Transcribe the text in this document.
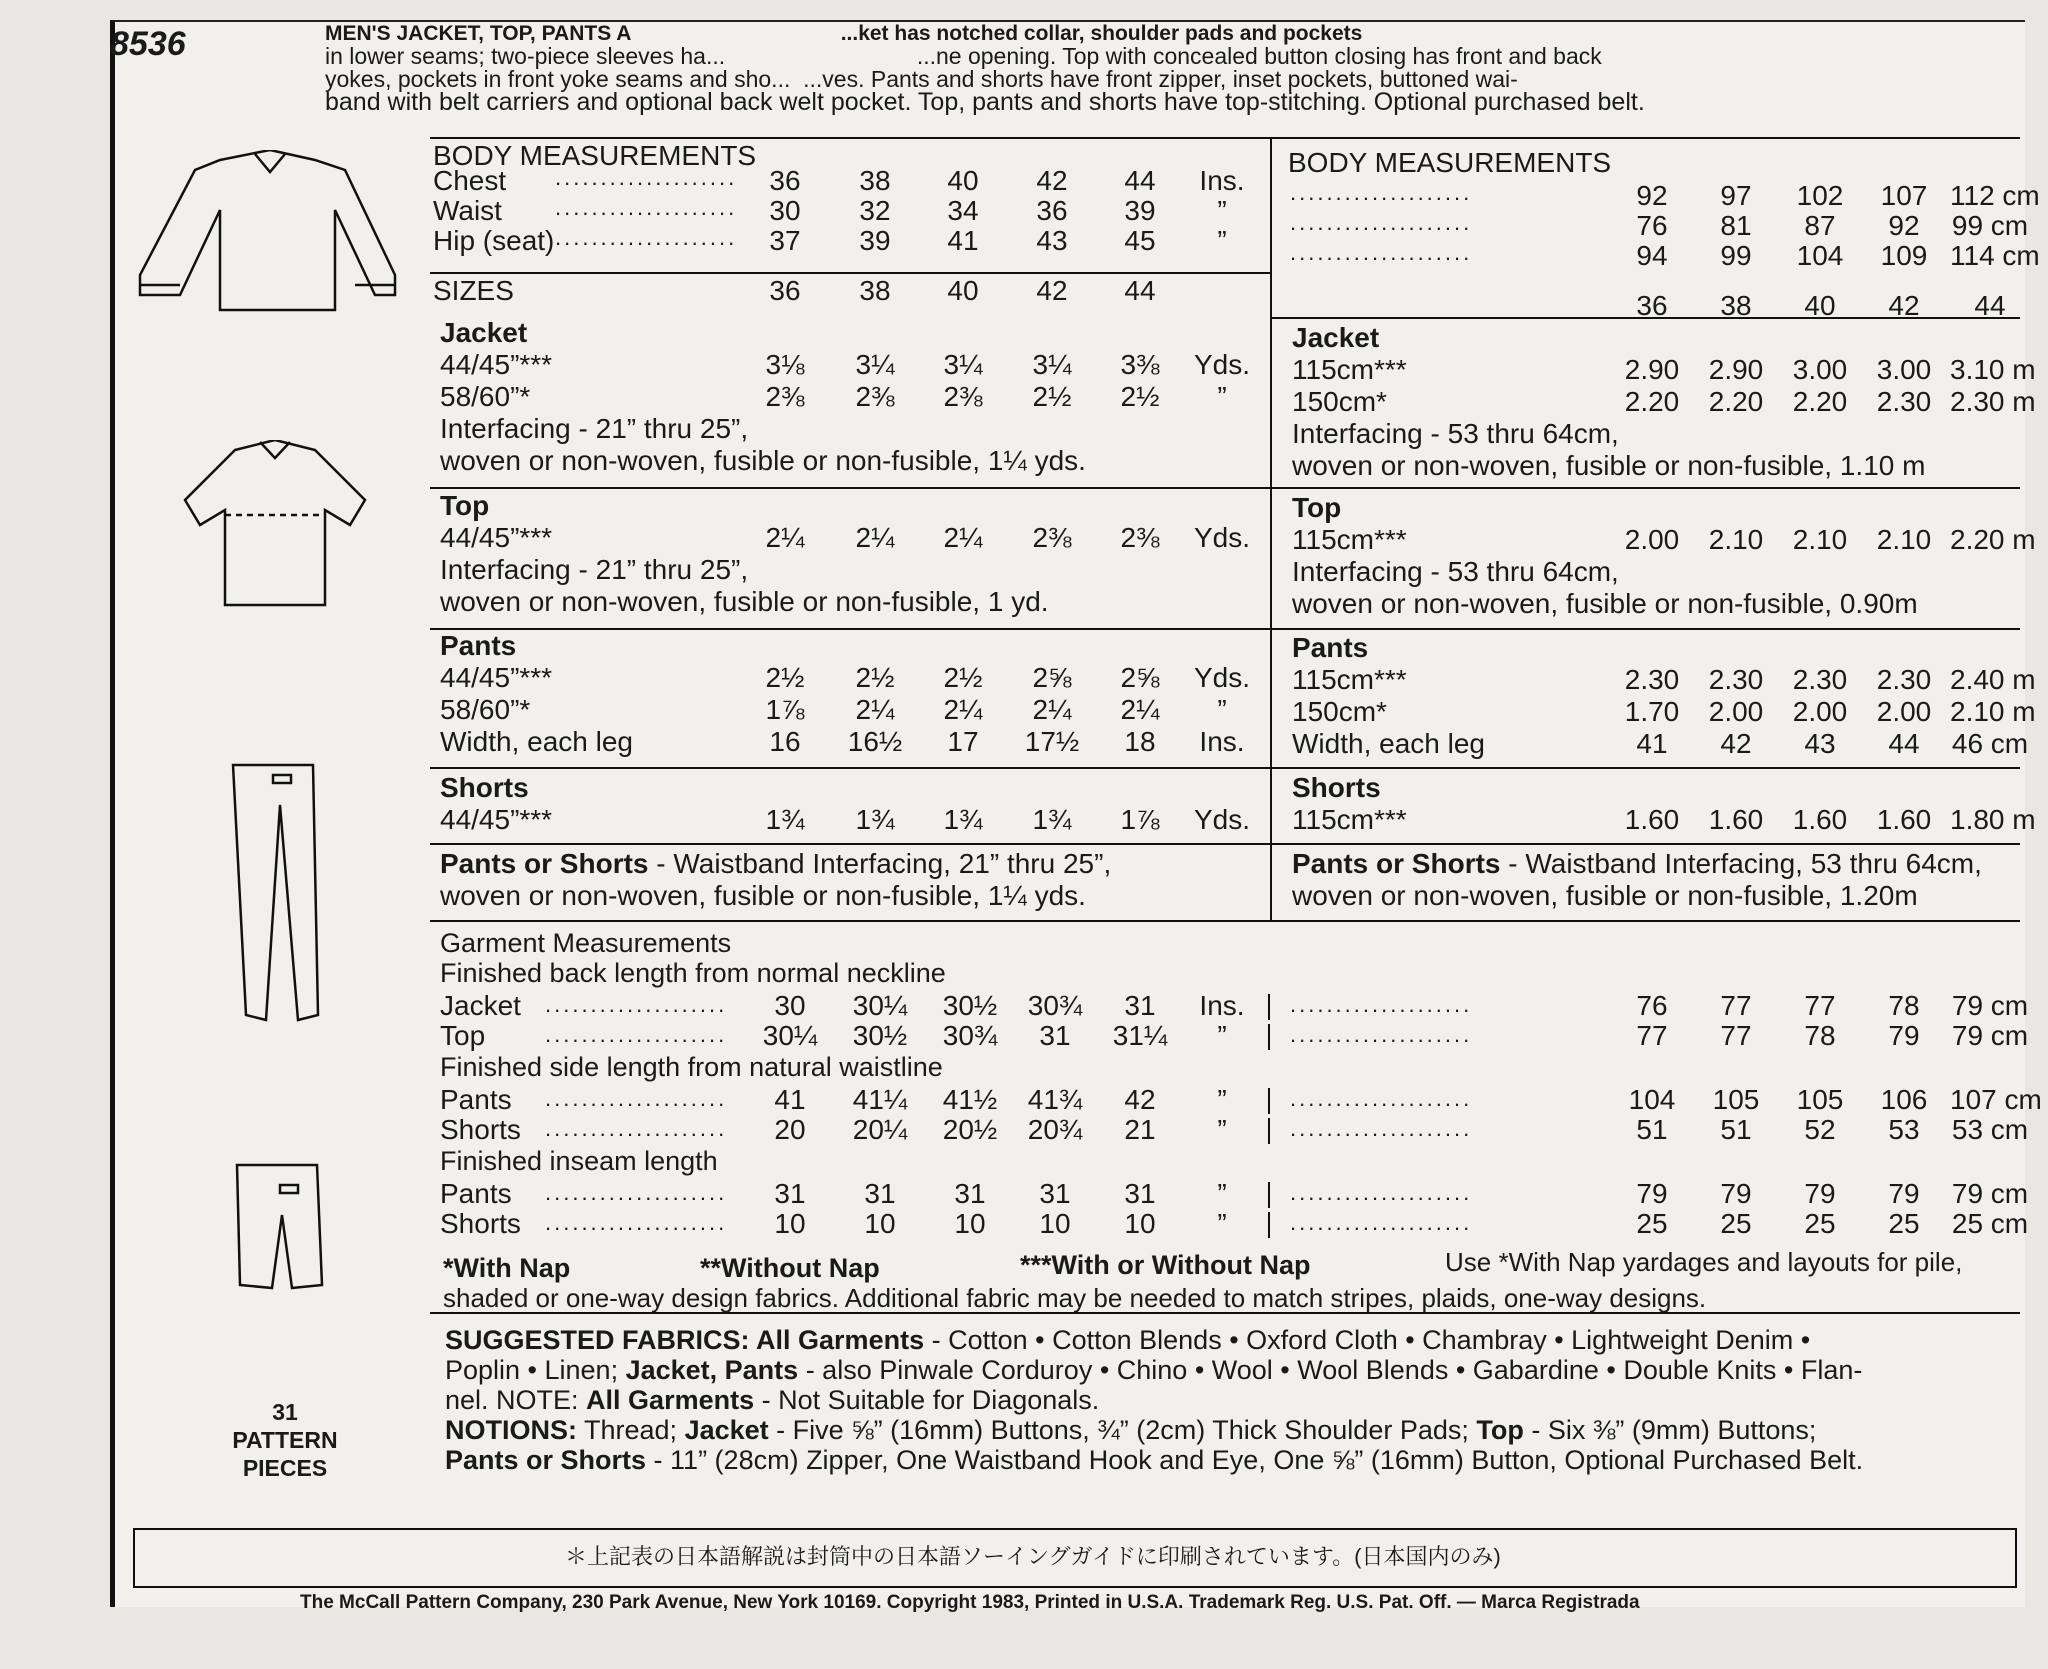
8536	MEN'S JACKET, TOP, PANTS A                                    ...ket has notched collar, shoulder pads and pockets
in lower seams; two-piece sleeves ha...                              ...ne opening. Top with concealed button closing has front and back
yokes, pockets in front yoke seams and sho...  ...ves. Pants and shorts have front zipper, inset pockets, buttoned wai-
band with belt carriers and optional back welt pocket. Top, pants and shorts have top-stitching. Optional purchased belt.
31
PATTERN
PIECES
BODY MEASUREMENTS
Chest ....................	36	38	40	42	44	Ins.
Waist ....................	30	32	34	36	39	”
Hip (seat) ....................	37	39	41	43	45	”
36	38	40	42	44
....................	92	97	102	107 112 cm
....................	76	81	87	92	99 cm
....................	94	99	104	109 114 cm
36	38	40	42	44
BODY MEASUREMENTS
SIZES
Jacket
44/45”***	3⅛	3¼	3¼	3¼	3⅜	Yds.
58/60”*	2⅜	2⅜	2⅜	2½	2½	”
Interfacing - 21” thru 25”,
woven or non-woven, fusible or non-fusible, 1¼ yds.
Jacket
115cm***	2.90	2.90	3.00	3.00 3.10 m
150cm*	2.20	2.20	2.20	2.30 2.30 m
Interfacing - 53 thru 64cm,
woven or non-woven, fusible or non-fusible, 1.10 m
Top
44/45”***	2¼	2¼	2¼	2⅜	2⅜	Yds.
Interfacing - 21” thru 25”,
woven or non-woven, fusible or non-fusible, 1 yd.
Top
115cm***	2.00	2.10	2.10	2.10 2.20 m
Interfacing - 53 thru 64cm,
woven or non-woven, fusible or non-fusible, 0.90m
Pants
44/45”***	2½	2½	2½	2⅝	2⅝	Yds.
58/60”*	1⅞	2¼	2¼	2¼	2¼	”
Width, each leg	16	16½	17	17½	18	Ins.
Pants
115cm***	2.30	2.30	2.30	2.30 2.40 m
150cm*	1.70	2.00	2.00	2.00 2.10 m
Width, each leg	41	42	43	44	46 cm
Shorts
44/45”***	1¾	1¾	1¾	1¾	1⅞	Yds.
Shorts
115cm***	1.60	1.60	1.60	1.60 1.80 m
Pants or Shorts - Waistband Interfacing, 21” thru 25”,
woven or non-woven, fusible or non-fusible, 1¼ yds.
Pants or Shorts - Waistband Interfacing, 53 thru 64cm,
woven or non-woven, fusible or non-fusible, 1.20m
Garment Measurements
Finished back length from normal neckline
Finished side length from natural waistline
Finished inseam length
Jacket ....................	30	30¼	30½	30¾	31	Ins.	....................	76	77	77	78	79 cm
Top	....................	30¼	30½	30¾	31	31¼	”	....................	77	77	78	79	79 cm
Pants ....................	41	41¼	41½	41¾	42	”	....................	104	105	105	106 107 cm
Shorts ....................	20	20¼	20½	20¾	21	”	....................	51	51	52	53	53 cm
Pants ....................	31	31	31	31	31	”	....................	79	79	79	79	79 cm
Shorts ....................	10	10	10	10	10	”	....................	25	25	25	25	25 cm
*With Nap	**Without Nap	***With or Without Nap	Use *With Nap yardages and layouts for pile,
shaded or one-way design fabrics. Additional fabric may be needed to match stripes, plaids, one-way designs.
SUGGESTED FABRICS: All Garments - Cotton • Cotton Blends • Oxford Cloth • Chambray • Lightweight Denim •
Poplin • Linen; Jacket, Pants - also Pinwale Corduroy • Chino • Wool • Wool Blends • Gabardine • Double Knits • Flan-
nel. NOTE: All Garments - Not Suitable for Diagonals.
NOTIONS: Thread; Jacket - Five ⅝” (16mm) Buttons, ¾” (2cm) Thick Shoulder Pads; Top - Six ⅜” (9mm) Buttons;
Pants or Shorts - 11” (28cm) Zipper, One Waistband Hook and Eye, One ⅝” (16mm) Button, Optional Purchased Belt.
＊上記表の日本語解説は封筒中の日本語ソーイングガイドに印刷されています。(日本国内のみ)
The McCall Pattern Company, 230 Park Avenue, New York 10169. Copyright 1983, Printed in U.S.A. Trademark Reg. U.S. Pat. Off. — Marca Registrada
